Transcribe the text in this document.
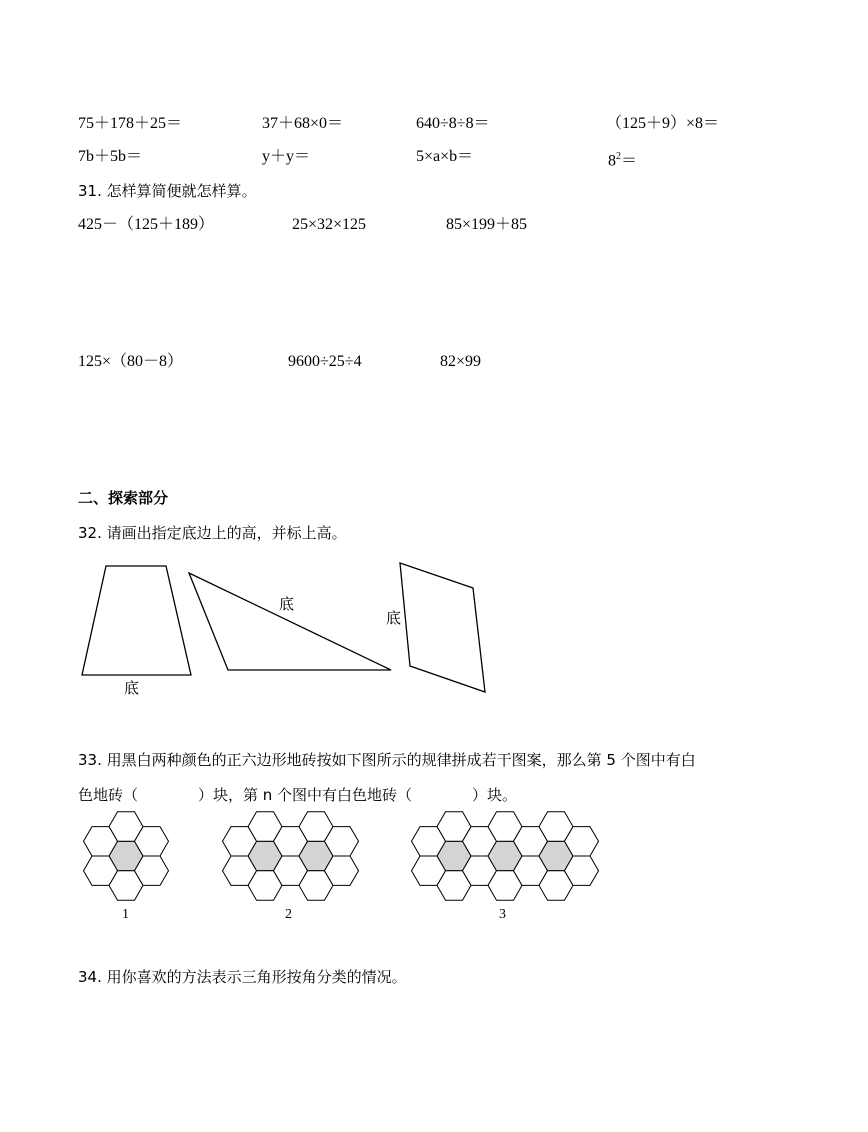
75＋178＋25＝	37＋68×0＝	640÷8÷8＝	（125＋9）×8＝
7b＋5b＝	y＋y＝	5×a×b＝	$8^2=$
31. 怎样算简便就怎样算。
425－（125＋189）	25×32×125	85×199＋85
125×（80－8）	9600÷25÷4	82×99
二、探索部分
32. 请画出指定底边上的高，并标上高。
底
底
底
33. 用黑白两种颜色的正六边形地砖按如下图所示的规律拼成若干图案，那么第 5 个图中有白
色地砖（　　　　）块，第 n 个图中有白色地砖（　　　　）块。
1	2	3
34. 用你喜欢的方法表示三角形按角分类的情况。
